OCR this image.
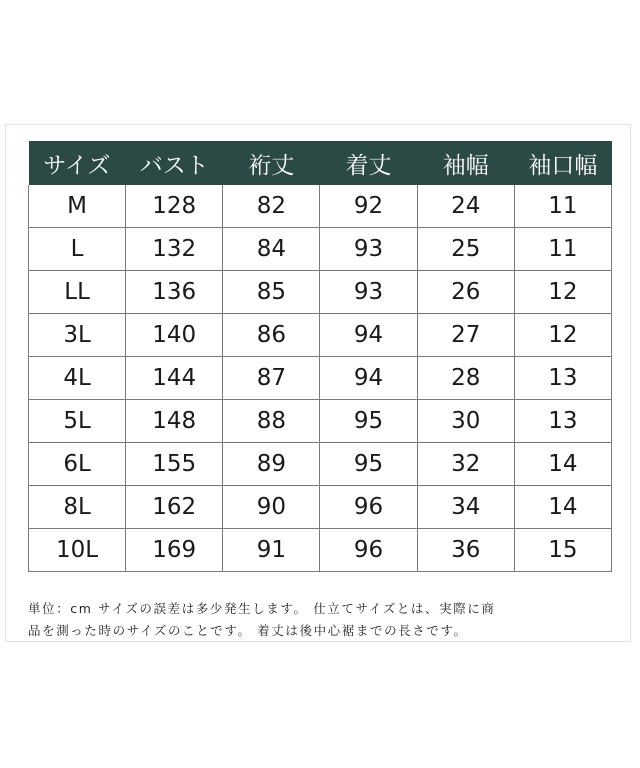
サイズ	バスト	裄丈	着丈	袖幅	袖口幅
M	128	82	92	24	11
L	132	84	93	25	11
LL	136	85	93	26	12
3L	140	86	94	27	12
4L	144	87	94	28	13
5L	148	88	95	30	13
6L	155	89	95	32	14
8L	162	90	96	34	14
10L	169	91	96	36	15
単位：cm サイズの誤差は多少発生します。 仕立てサイズとは、実際に商
品を測った時のサイズのことです。 着丈は後中心裾までの長さです。
